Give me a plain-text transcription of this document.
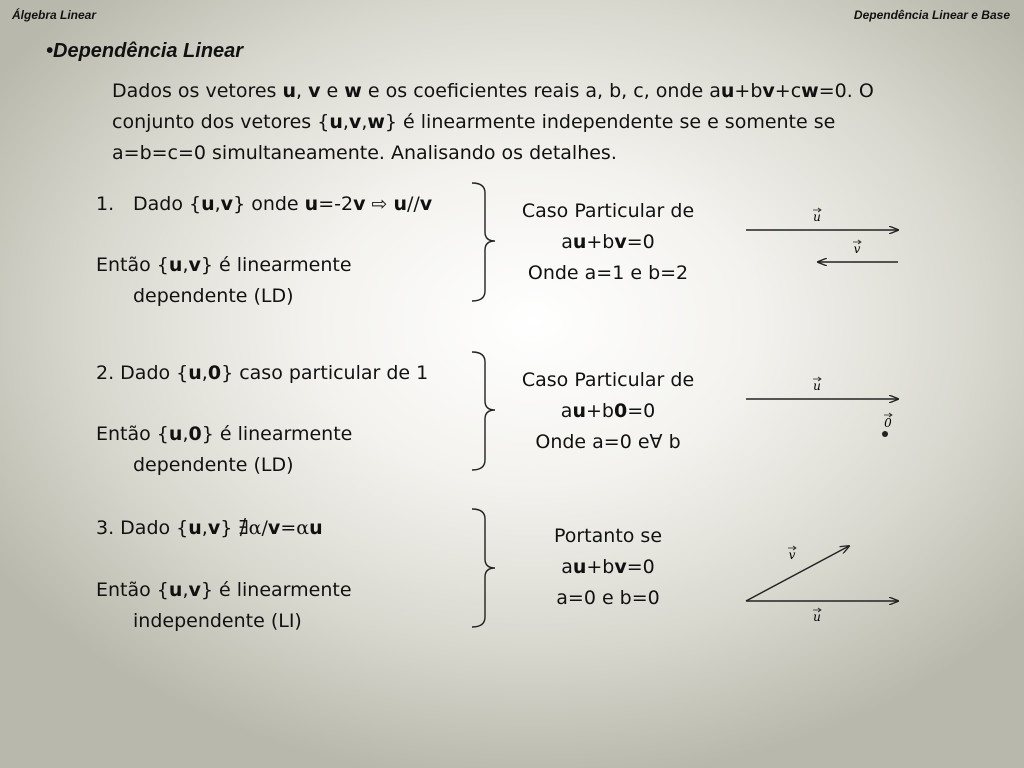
Álgebra Linear	Dependência Linear e Base
•Dependência Linear

Dados os vetores u, v e w e os coeficientes reais a, b, c, onde au+bv+cw=0. O

conjunto dos vetores {u,v,w} é linearmente independente se e somente se

a=b=c=0 simultaneamente. Analisando os detalhes.

1. Dado {u,v} onde u=-2v ⇨ u//v
Então {u,v} é linearmente
dependente (LD)
Caso Particular de
au+bv=0
Onde a=1 e b=2
2. Dado {u,0} caso particular de 1
Então {u,0} é linearmente
dependente (LD)
Caso Particular de
au+b0=0
Onde a=0 e∀ b
3. Dado {u,v} ∄α/v=αu
Então {u,v} é linearmente
independente (LI)
Portanto se
au+bv=0
a=0 e b=0
u
v
u
0
v
u
